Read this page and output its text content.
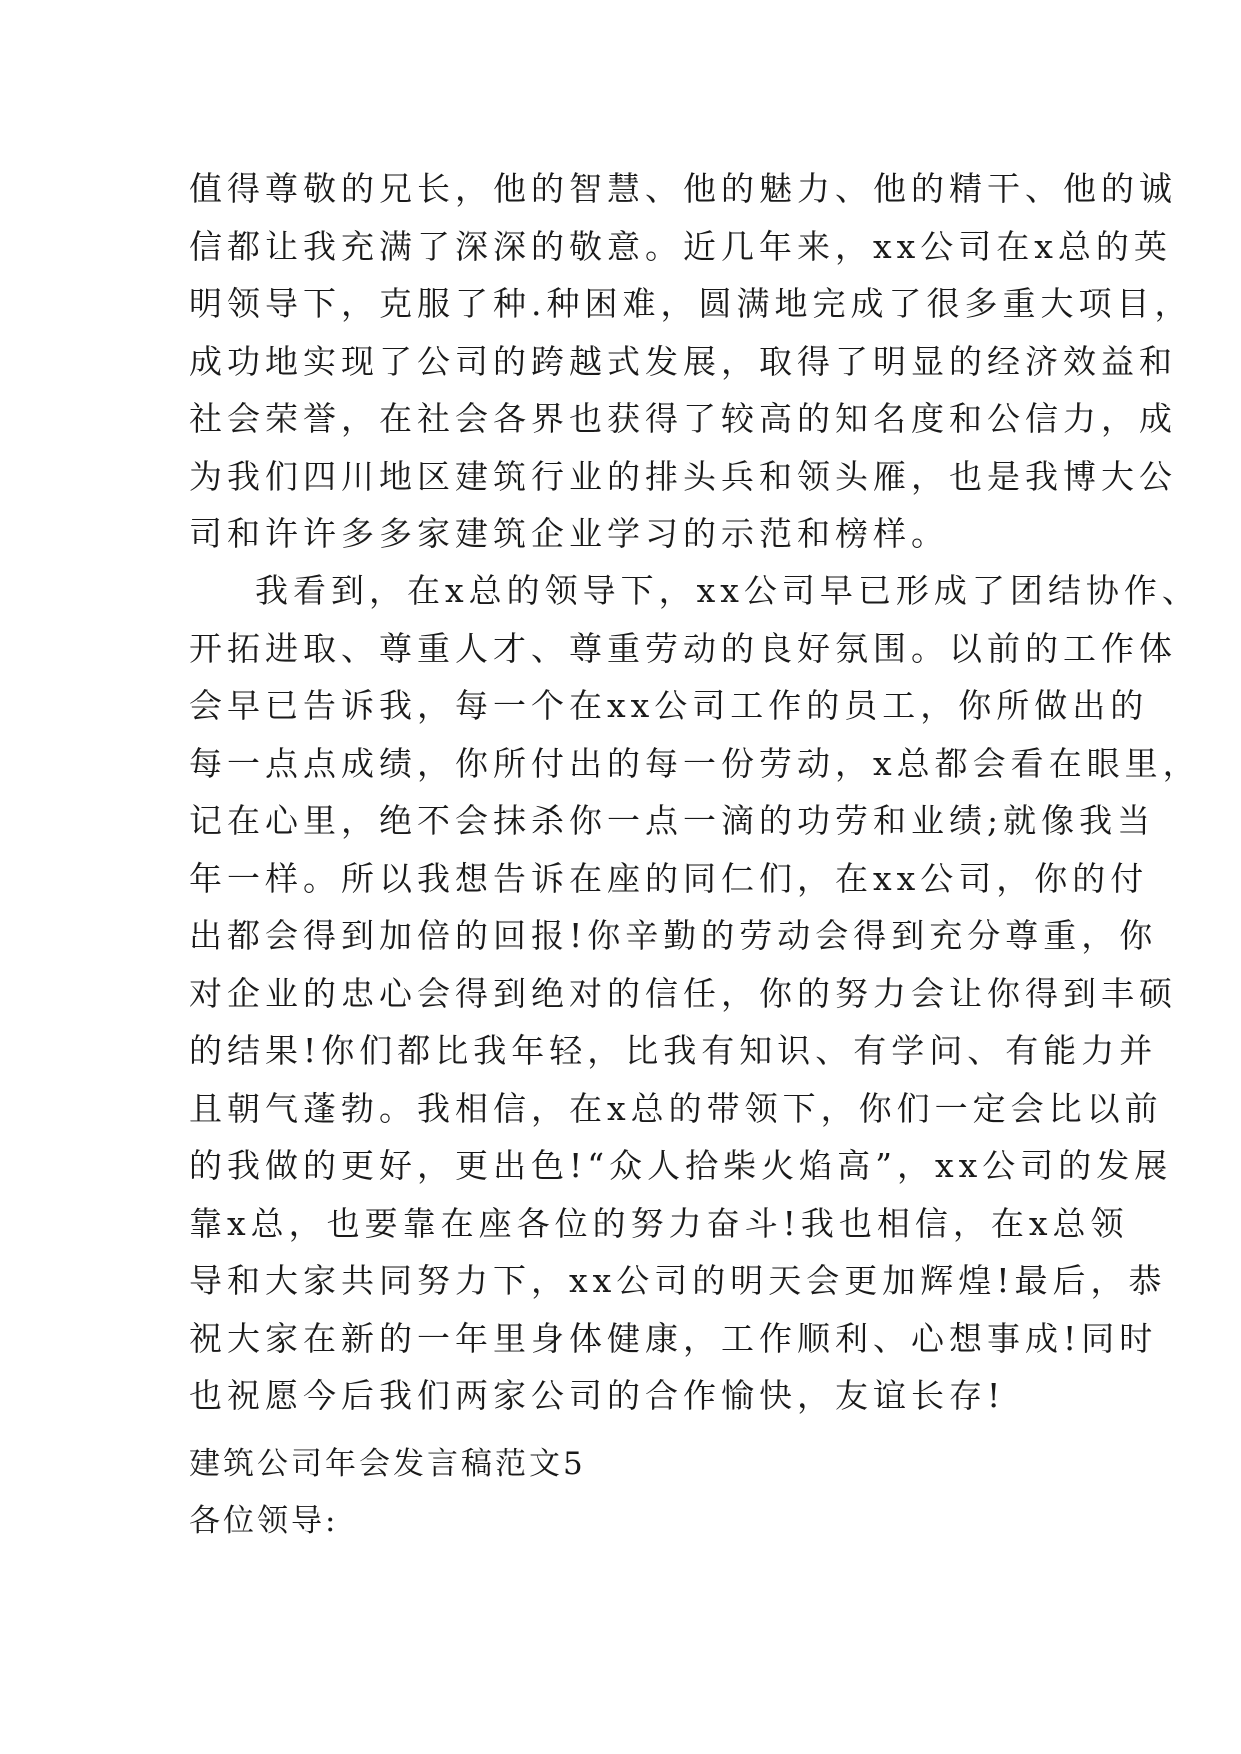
值得尊敬的兄长，他的智慧、他的魅力、他的精干、他的诚
信都让我充满了深深的敬意。近几年来，xx公司在x总的英
明领导下，克服了种.种困难，圆满地完成了很多重大项目，
成功地实现了公司的跨越式发展，取得了明显的经济效益和
社会荣誉，在社会各界也获得了较高的知名度和公信力，成
为我们四川地区建筑行业的排头兵和领头雁，也是我博大公
司和许许多多家建筑企业学习的示范和榜样。
我看到，在x总的领导下，xx公司早已形成了团结协作、
开拓进取、尊重人才、尊重劳动的良好氛围。以前的工作体
会早已告诉我，每一个在xx公司工作的员工，你所做出的
每一点点成绩，你所付出的每一份劳动，x总都会看在眼里，
记在心里，绝不会抹杀你一点一滴的功劳和业绩;就像我当
年一样。所以我想告诉在座的同仁们，在xx公司，你的付
出都会得到加倍的回报!你辛勤的劳动会得到充分尊重，你
对企业的忠心会得到绝对的信任，你的努力会让你得到丰硕
的结果!你们都比我年轻，比我有知识、有学问、有能力并
且朝气蓬勃。我相信，在x总的带领下，你们一定会比以前
的我做的更好，更出色!“众人拾柴火焰高”，xx公司的发展
靠x总，也要靠在座各位的努力奋斗!我也相信，在x总领
导和大家共同努力下，xx公司的明天会更加辉煌!最后，恭
祝大家在新的一年里身体健康，工作顺利、心想事成!同时
也祝愿今后我们两家公司的合作愉快，友谊长存!
建筑公司年会发言稿范文5
各位领导:
